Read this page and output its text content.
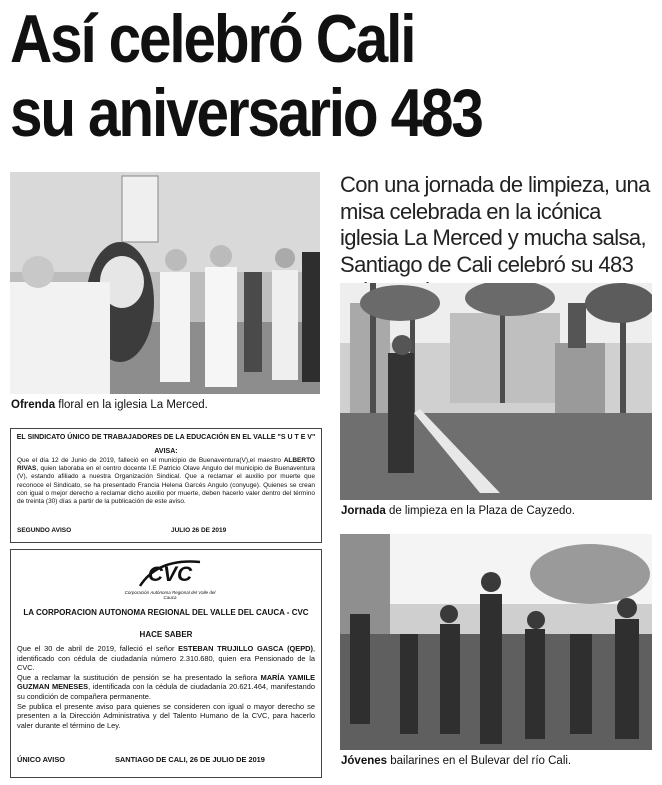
Así celebró Cali
su aniversario 483
Ofrenda floral en la iglesia La Merced.
Con una jornada de limpieza, una misa celebrada en la icónica iglesia La Merced y mucha salsa, Santiago de Cali celebró su 483
Jornada de limpieza en la Plaza de Cayzedo.
Jóvenes bailarines en el Bulevar del río Cali.
EL SINDICATO ÚNICO DE TRABAJADORES DE LA EDUCACIÓN EN EL VALLE "S U T E V"
AVISA:
Que el día 12 de Junio de 2019, falleció en el municipio de Buenaventura(V),el maestro ALBERTO RIVAS, quien laboraba en el centro docente I.E Patricio Olave Angulo del municipio de Buenaventura (V), estando afiliado a nuestra Organización Sindical. Que a reclamar el auxilio por muerte que reconoce el Sindicato, se ha presentado Francia Helena Garcés Angulo (conyuge). Quienes se crean con igual o mejor derecho a reclamar dicho auxilio por muerte, deben hacerlo valer dentro del término de treinta (30) días a partir de la publicación de este aviso.
SEGUNDO AVISO	JULIO 26 DE 2019
CVC
Corporación Autónoma Regional del Valle del Cauca
LA CORPORACION AUTONOMA REGIONAL DEL VALLE DEL CAUCA - CVC
HACE SABER
Que el 30 de abril de 2019, falleció el señor ESTEBAN TRUJILLO GASCA (QEPD), identificado con cédula de ciudadanía número 2.310.680, quien era Pensionado de la CVC.
Que a reclamar la sustitución de pensión se ha presentado la señora MARÍA YAMILE GUZMAN MENESES, identificada con la cédula de ciudadanía 20.621.464, manifestando su condición de compañera permanente.
Se publica el presente aviso para quienes se consideren con igual o mayor derecho se presenten a la Dirección Administrativa y del Talento Humano de la CVC, para hacerlo valer durante el término de Ley.
ÚNICO AVISO	SANTIAGO DE CALI, 26 DE JULIO DE 2019
